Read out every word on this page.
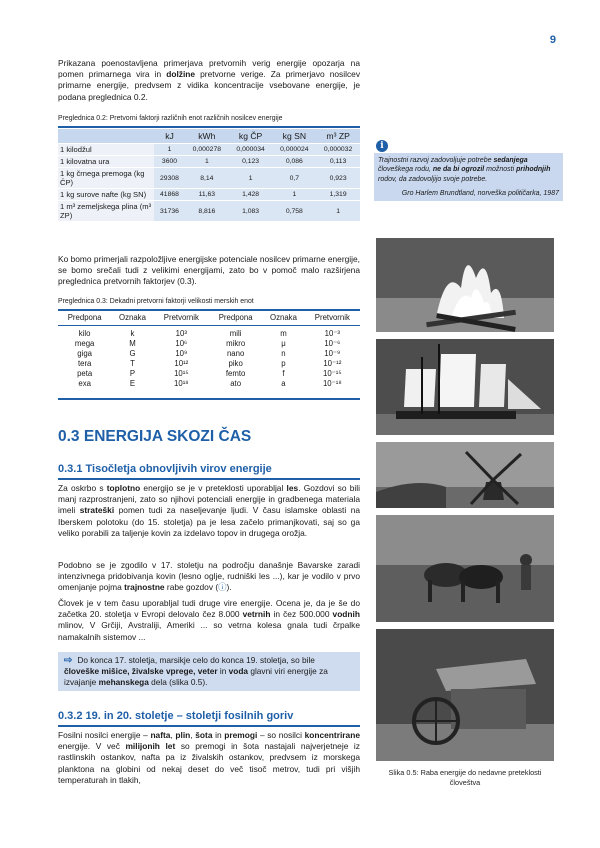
9
Prikazana poenostavljena primerjava pretvornih verig energije opozarja na pomen primarnega vira in dolžine pretvorne verige. Za primerjavo nosilcev primarne energije, predvsem z vidika koncentracije vsebovane energije, je podana preglednica 0.2.
Preglednica 0.2: Pretvorni faktorji različnih enot različnih nosilcev energije
	kJ	kWh	kg ČP	kg SN	m³ ZP
1 kilodžul	1	0,000278	0,000034	0,000024	0,000032
1 kilovatna ura	3600	1	0,123	0,086	0,113
1 kg črnega premoga (kg ČP)	29308	8,14	1	0,7	0,923
1 kg surove nafte (kg SN)	41868	11,63	1,428	1	1,319
1 m³ zemeljskega plina (m³ ZP)	31736	8,816	1,083	0,758	1
Ko bomo primerjali razpoložljive energijske potenciale nosilcev primarne energije, se bomo srečali tudi z velikimi energijami, zato bo v pomoč malo razširjena preglednica pretvornih faktorjev (0.3).
Preglednica 0.3: Dekadni pretvorni faktorji velikosti merskih enot
Predpona	Oznaka	Pretvornik	Predpona	Oznaka	Pretvornik
kilo	k	10³	mili	m	10⁻³
mega	M	10⁶	mikro	μ	10⁻⁶
giga	G	10⁹	nano	n	10⁻⁹
tera	T	10¹²	piko	p	10⁻¹²
peta	P	10¹⁵	femto	f	10⁻¹⁵
exa	E	10¹⁸	ato	a	10⁻¹⁸
0.3 ENERGIJA SKOZI ČAS
0.3.1 Tisočletja obnovljivih virov energije
Za oskrbo s toplotno energijo se je v preteklosti uporabljal les. Gozdovi so bili manj razprostranjeni, zato so njihovi potenciali energije in gradbenega materiala imeli strateški pomen tudi za naseljevanje ljudi. V času islamske oblasti na Iberskem polotoku (do 15. stoletja) pa je lesa začelo primanjkovati, saj so ga veliko porabili za taljenje kovin za izdelavo topov in drugega orožja.
Podobno se je zgodilo v 17. stoletju na področju današnje Bavarske zaradi intenzivnega pridobivanja kovin (lesno oglje, rudniški les ...), kar je vodilo v prvo omenjanje pojma trajnostne rabe gozdov (ⓘ).
Človek je v tem času uporabljal tudi druge vire energije. Ocena je, da je še do začetka 20. stoletja v Evropi delovalo čez 8.000 vetrnih in čez 500.000 vodnih mlinov, V Grčiji, Avstraliji, Ameriki ... so vetrna kolesa gnala tudi črpalke namakalnih sistemov ...
⇨ Do konca 17. stoletja, marsikje celo do konca 19. stoletja, so bile človeške mišice, živalske vprege, veter in voda glavni viri energije za izvajanje mehanskega dela (slika 0.5).
0.3.2 19. in 20. stoletje – stoletji fosilnih goriv
Fosilni nosilci energije – nafta, plin, šota in premogi – so nosilci koncentrirane energije. V več milijonih let so premogi in šota nastajali najverjetneje iz rastlinskih ostankov, nafta pa iz živalskih ostankov, predvsem iz morskega planktona na globini od nekaj deset do več tisoč metrov, tudi pri višjih temperaturah in tlakih,
i
Trajnostni razvoj zadovoljuje potrebe sedanjega človeškega rodu, ne da bi ogrozil možnosti prihodnjih rodov, da zadovoljijo svoje potrebe.
Gro Harlem Brundtland, norveška političarka, 1987
Slika 0.5: Raba energije do nedavne preteklosti človeštva
